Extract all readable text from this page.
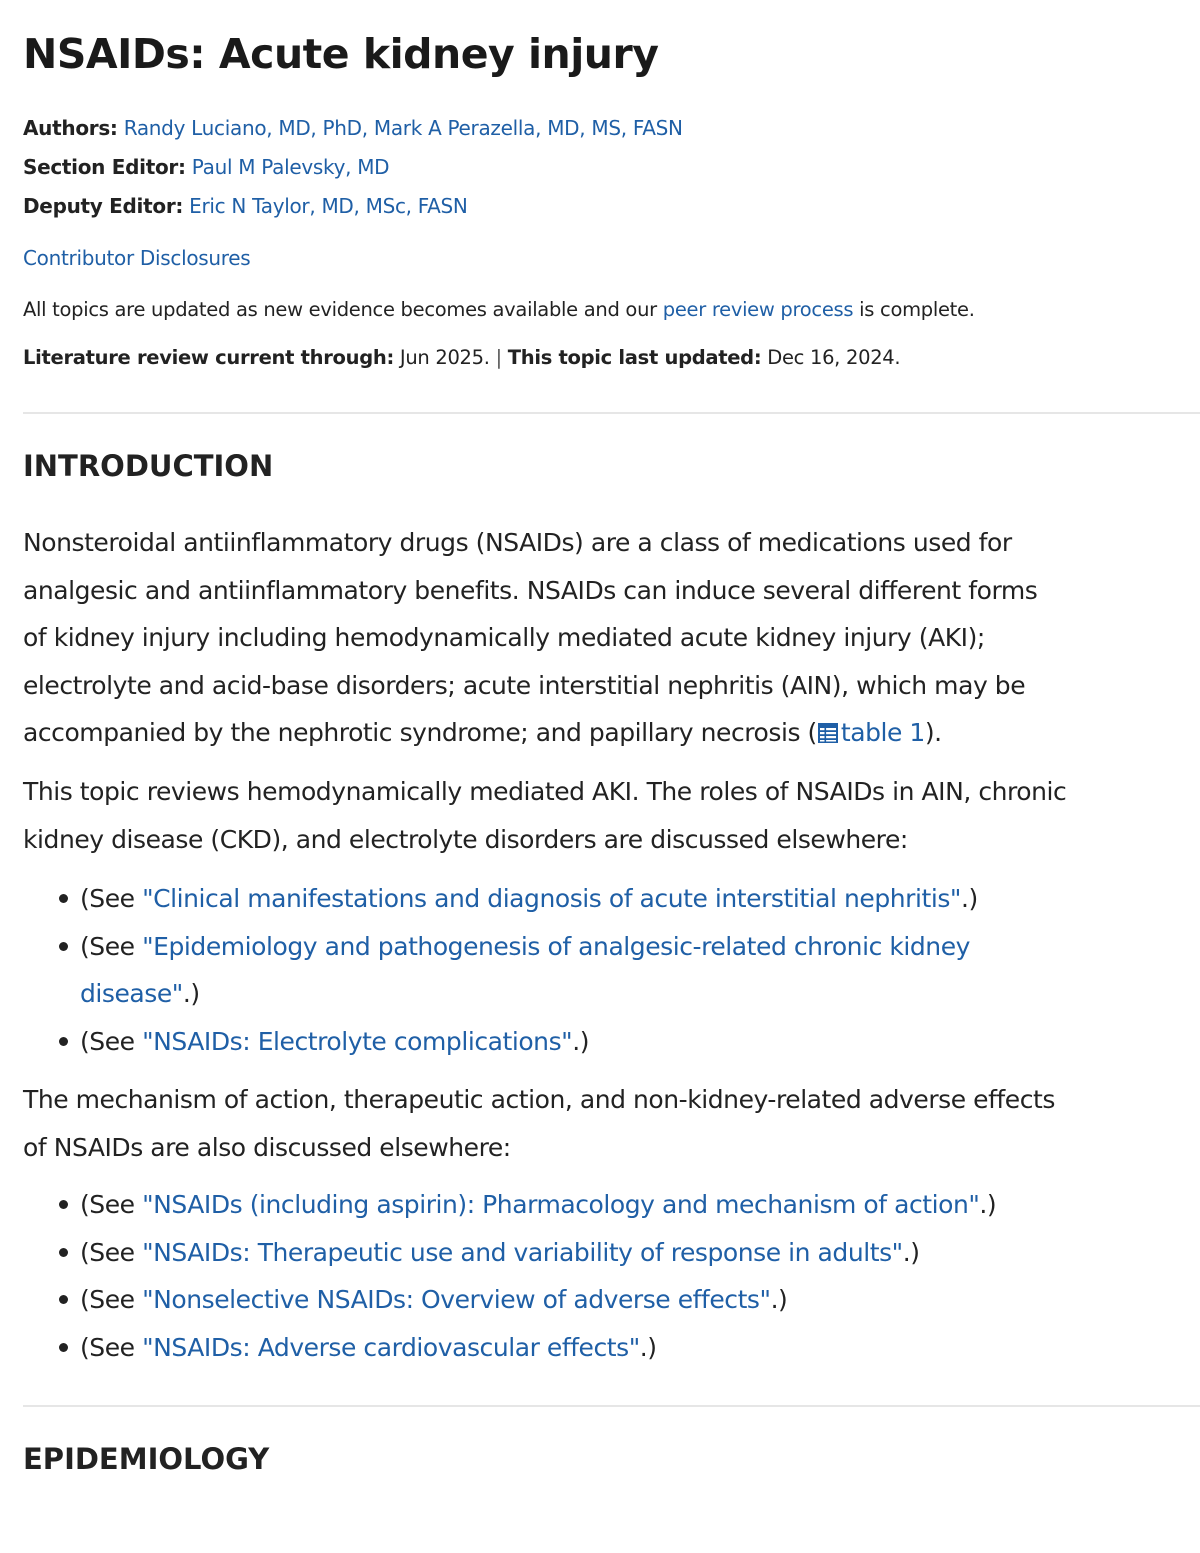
NSAIDs: Acute kidney injury
Authors: Randy Luciano, MD, PhD, Mark A Perazella, MD, MS, FASN
Section Editor: Paul M Palevsky, MD
Deputy Editor: Eric N Taylor, MD, MSc, FASN
Contributor Disclosures
All topics are updated as new evidence becomes available and our peer review process is complete.
Literature review current through: Jun 2025. | This topic last updated: Dec 16, 2024.
INTRODUCTION

Nonsteroidal antiinflammatory drugs (NSAIDs) are a class of medications used for
analgesic and antiinflammatory benefits. NSAIDs can induce several different forms
of kidney injury including hemodynamically mediated acute kidney injury (AKI);
electrolyte and acid-base disorders; acute interstitial nephritis (AIN), which may be
accompanied by the nephrotic syndrome; and papillary necrosis ( table 1).

This topic reviews hemodynamically mediated AKI. The roles of NSAIDs in AIN, chronic
kidney disease (CKD), and electrolyte disorders are discussed elsewhere:

(See "Clinical manifestations and diagnosis of acute interstitial nephritis".)
(See "Epidemiology and pathogenesis of analgesic-related chronic kidney
disease".)
(See "NSAIDs: Electrolyte complications".)

The mechanism of action, therapeutic action, and non-kidney-related adverse effects
of NSAIDs are also discussed elsewhere:

(See "NSAIDs (including aspirin): Pharmacology and mechanism of action".)
(See "NSAIDs: Therapeutic use and variability of response in adults".)
(See "Nonselective NSAIDs: Overview of adverse effects".)
(See "NSAIDs: Adverse cardiovascular effects".)
EPIDEMIOLOGY
